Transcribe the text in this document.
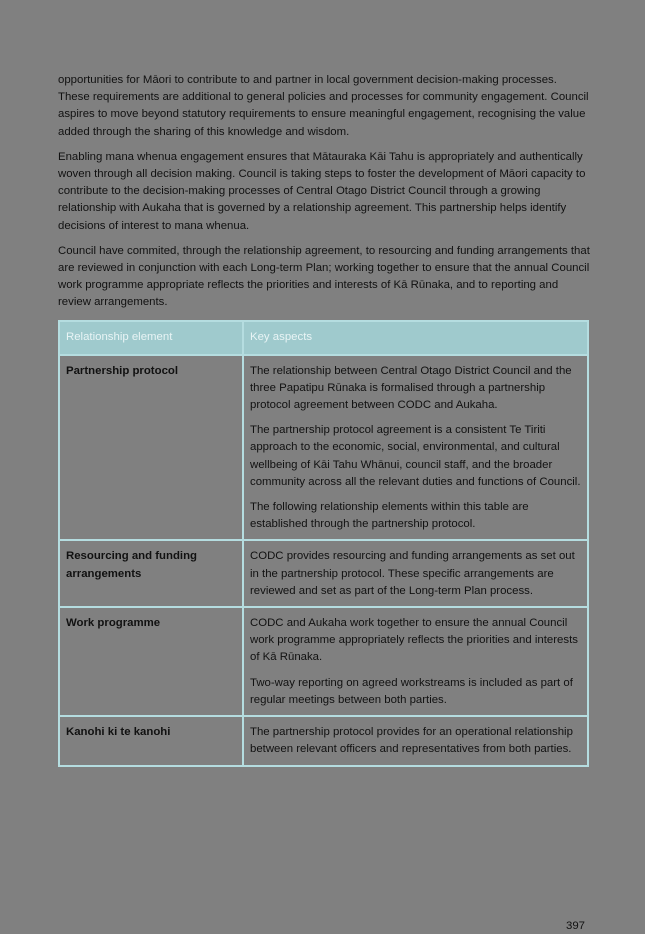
opportunities for Māori to contribute to and partner in local government decision-making processes. These requirements are additional to general policies and processes for community engagement. Council aspires to move beyond statutory requirements to ensure meaningful engagement, recognising the value added through the sharing of this knowledge and wisdom.

Enabling mana whenua engagement ensures that Mātauraka Kāi Tahu is appropriately and authentically woven through all decision making. Council is taking steps to foster the development of Māori capacity to contribute to the decision-making processes of Central Otago District Council through a growing relationship with Aukaha that is governed by a relationship agreement. This partnership helps identify decisions of interest to mana whenua.

Council have commited, through the relationship agreement, to resourcing and funding arrangements that are reviewed in conjunction with each Long-term Plan; working together to ensure that the annual Council work programme appropriate reflects the priorities and interests of Kā Rūnaka, and to reporting and review arrangements.

Relationship element	Key aspects
Partnership protocol	The relationship between Central Otago District Council and the three Papatipu Rūnaka is formalised through a partnership protocol agreement between CODC and Aukaha.

The partnership protocol agreement is a consistent Te Tiriti approach to the economic, social, environmental, and cultural wellbeing of Kāi Tahu Whānui, council staff, and the broader community across all the relevant duties and functions of Council.

The following relationship elements within this table are established through the partnership protocol.

Resourcing and funding arrangements	CODC provides resourcing and funding arrangements as set out in the partnership protocol. These specific arrangements are reviewed and set as part of the Long-term Plan process.

Work programme	CODC and Aukaha work together to ensure the annual Council work programme appropriately reflects the priorities and interests of Kā Rūnaka.

Two-way reporting on agreed workstreams is included as part of regular meetings between both parties.

Kanohi ki te kanohi	The partnership protocol provides for an operational relationship between relevant officers and representatives from both parties.

397
